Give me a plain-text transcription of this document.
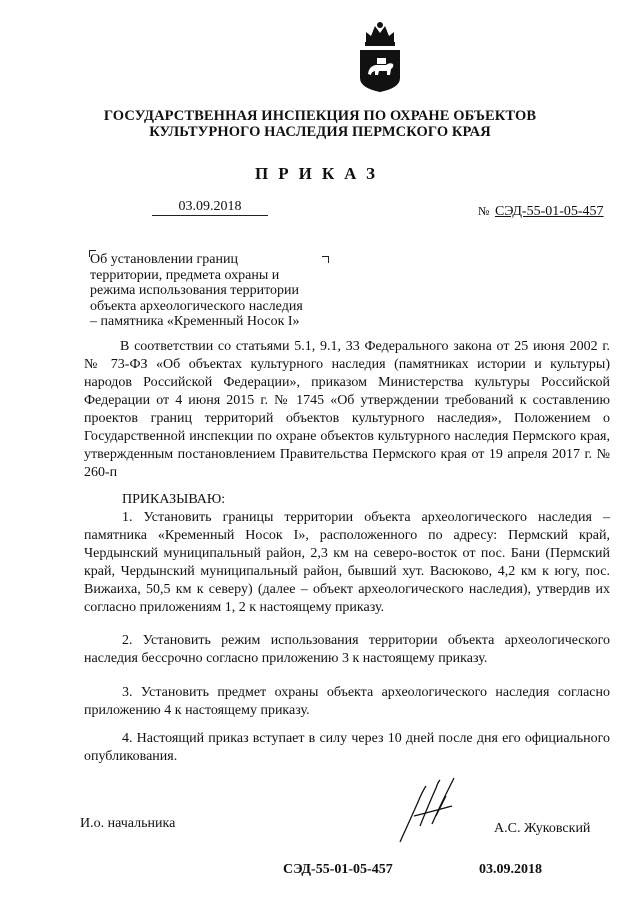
ГОСУДАРСТВЕННАЯ ИНСПЕКЦИЯ ПО ОХРАНЕ ОБЪЕКТОВ
КУЛЬТУРНОГО НАСЛЕДИЯ ПЕРМСКОГО КРАЯ
ПРИКАЗ
03.09.2018	№ СЭД-55-01-05-457
Об установлении границ
территории, предмета охраны и
режима использования территории
объекта археологического наследия
– памятника «Кременный Носок I»
В соответствии со статьями 5.1, 9.1, 33 Федерального закона от 25 июня 2002 г. № 73-ФЗ «Об объектах культурного наследия (памятниках истории и культуры) народов Российской Федерации», приказом Министерства культуры Российской Федерации от 4 июня 2015 г. № 1745 «Об утверждении требований к составлению проектов границ территорий объектов культурного наследия», Положением о Государственной инспекции по охране объектов культурного наследия Пермского края, утвержденным постановлением Правительства Пермского края от 19 апреля 2017 г. № 260-п
ПРИКАЗЫВАЮ:
1. Установить границы территории объекта археологического наследия – памятника «Кременный Носок I», расположенного по адресу: Пермский край, Чердынский муниципальный район, 2,3 км на северо-восток от пос. Бани (Пермский край, Чердынский муниципальный район, бывший хут. Васюково, 4,2 км к югу, пос. Вижаиха, 50,5 км к северу) (далее – объект археологического наследия), утвердив их согласно приложениям 1, 2 к настоящему приказу.
2. Установить режим использования территории объекта археологического наследия бессрочно согласно приложению 3 к настоящему приказу.
3. Установить предмет охраны объекта археологического наследия согласно приложению 4 к настоящему приказу.
4. Настоящий приказ вступает в силу через 10 дней после дня его официального опубликования.
И.о. начальника	А.С. Жуковский
СЭД-55-01-05-457	03.09.2018
